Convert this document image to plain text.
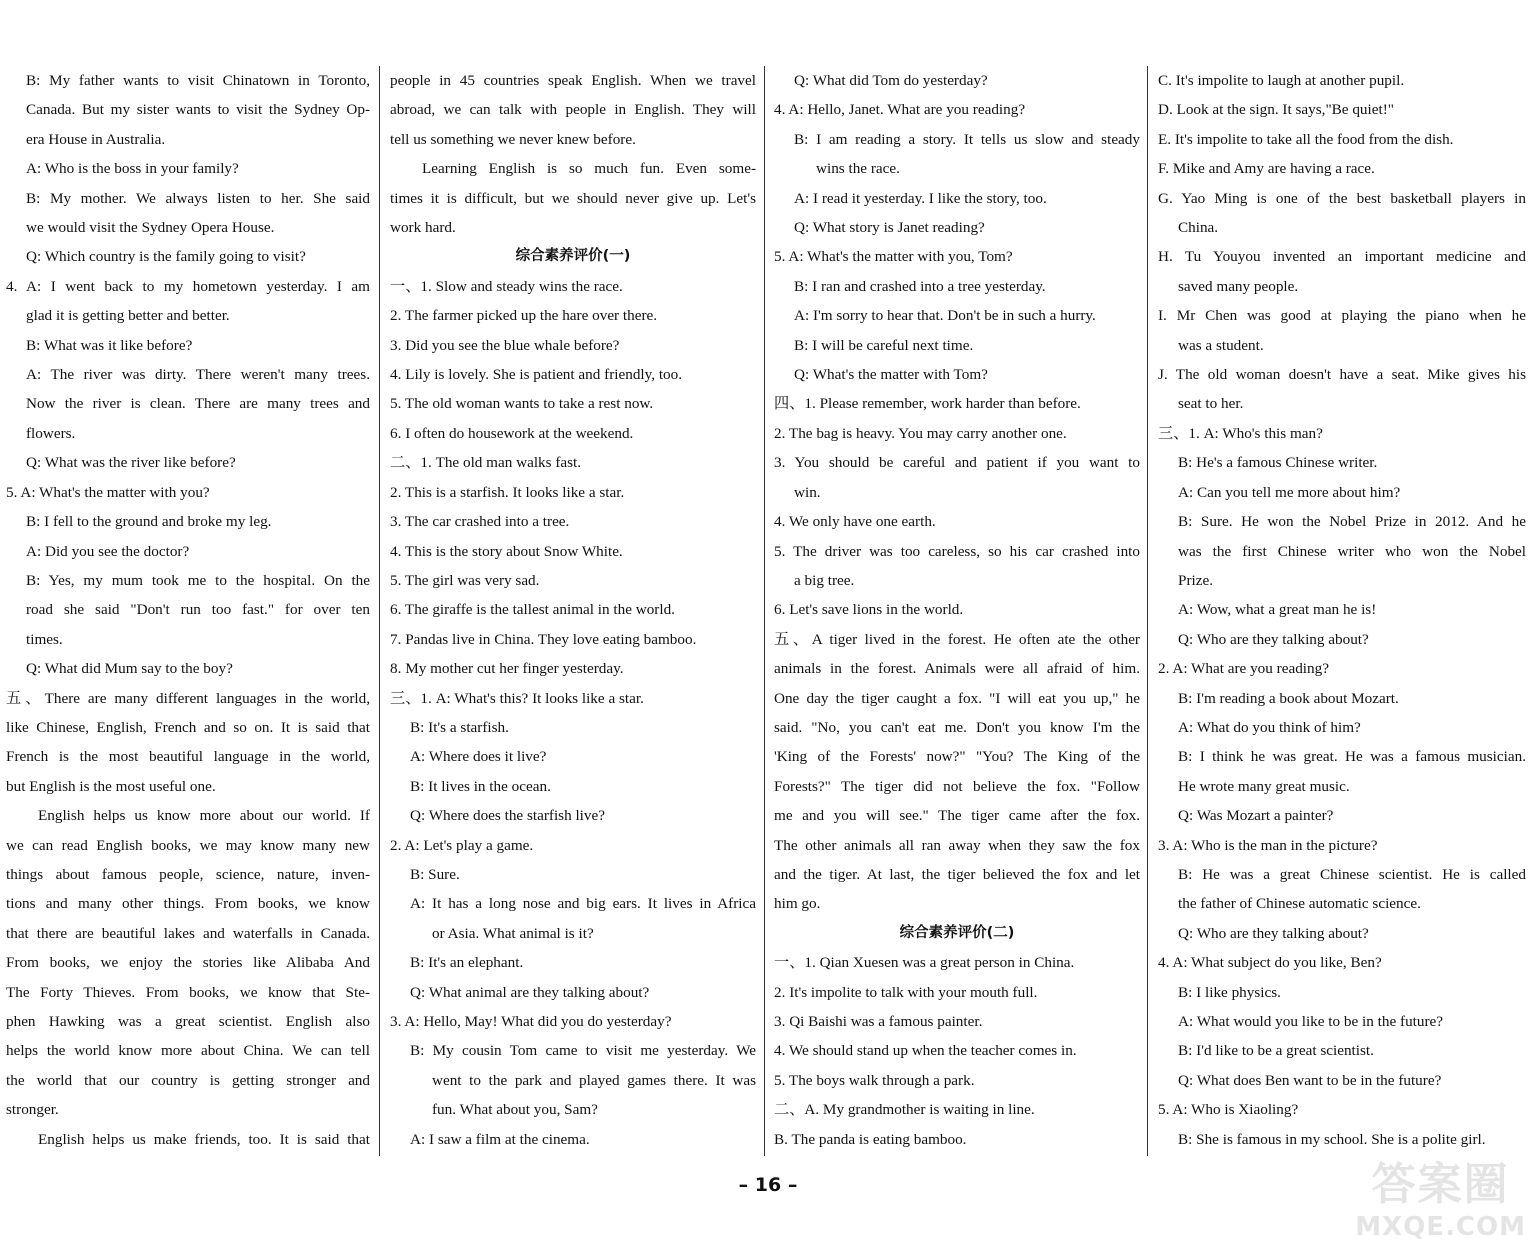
B: My father wants to visit Chinatown in Toronto,
Canada. But my sister wants to visit the Sydney Op-
era House in Australia.
A: Who is the boss in your family?
B: My mother. We always listen to her. She said
we would visit the Sydney Opera House.
Q: Which country is the family going to visit?
4. A: I went back to my hometown yesterday. I am
glad it is getting better and better.
B: What was it like before?
A: The river was dirty. There weren't many trees.
Now the river is clean. There are many trees and
flowers.
Q: What was the river like before?
5. A: What's the matter with you?
B: I fell to the ground and broke my leg.
A: Did you see the doctor?
B: Yes, my mum took me to the hospital. On the
road she said "Don't run too fast." for over ten
times.
Q: What did Mum say to the boy?
五、There are many different languages in the world,
like Chinese, English, French and so on. It is said that
French is the most beautiful language in the world,
but English is the most useful one.
English helps us know more about our world. If
we can read English books, we may know many new
things about famous people, science, nature, inven-
tions and many other things. From books, we know
that there are beautiful lakes and waterfalls in Canada.
From books, we enjoy the stories like Alibaba And
The Forty Thieves. From books, we know that Ste-
phen Hawking was a great scientist. English also
helps the world know more about China. We can tell
the world that our country is getting stronger and
stronger.
English helps us make friends, too. It is said that
people in 45 countries speak English. When we travel
abroad, we can talk with people in English. They will
tell us something we never knew before.
Learning English is so much fun. Even some-
times it is difficult, but we should never give up. Let's
work hard.
综合素养评价(一)
一、1. Slow and steady wins the race.
2. The farmer picked up the hare over there.
3. Did you see the blue whale before?
4. Lily is lovely. She is patient and friendly, too.
5. The old woman wants to take a rest now.
6. I often do housework at the weekend.
二、1. The old man walks fast.
2. This is a starfish. It looks like a star.
3. The car crashed into a tree.
4. This is the story about Snow White.
5. The girl was very sad.
6. The giraffe is the tallest animal in the world.
7. Pandas live in China. They love eating bamboo.
8. My mother cut her finger yesterday.
三、1. A: What's this? It looks like a star.
B: It's a starfish.
A: Where does it live?
B: It lives in the ocean.
Q: Where does the starfish live?
2. A: Let's play a game.
B: Sure.
A: It has a long nose and big ears. It lives in Africa
or Asia. What animal is it?
B: It's an elephant.
Q: What animal are they talking about?
3. A: Hello, May! What did you do yesterday?
B: My cousin Tom came to visit me yesterday. We
went to the park and played games there. It was
fun. What about you, Sam?
A: I saw a film at the cinema.
Q: What did Tom do yesterday?
4. A: Hello, Janet. What are you reading?
B: I am reading a story. It tells us slow and steady
wins the race.
A: I read it yesterday. I like the story, too.
Q: What story is Janet reading?
5. A: What's the matter with you, Tom?
B: I ran and crashed into a tree yesterday.
A: I'm sorry to hear that. Don't be in such a hurry.
B: I will be careful next time.
Q: What's the matter with Tom?
四、1. Please remember, work harder than before.
2. The bag is heavy. You may carry another one.
3. You should be careful and patient if you want to
win.
4. We only have one earth.
5. The driver was too careless, so his car crashed into
a big tree.
6. Let's save lions in the world.
五、A tiger lived in the forest. He often ate the other
animals in the forest. Animals were all afraid of him.
One day the tiger caught a fox. "I will eat you up," he
said. "No, you can't eat me. Don't you know I'm the
'King of the Forests' now?" "You? The King of the
Forests?" The tiger did not believe the fox. "Follow
me and you will see." The tiger came after the fox.
The other animals all ran away when they saw the fox
and the tiger. At last, the tiger believed the fox and let
him go.
综合素养评价(二)
一、1. Qian Xuesen was a great person in China.
2. It's impolite to talk with your mouth full.
3. Qi Baishi was a famous painter.
4. We should stand up when the teacher comes in.
5. The boys walk through a park.
二、A. My grandmother is waiting in line.
B. The panda is eating bamboo.
C. It's impolite to laugh at another pupil.
D. Look at the sign. It says,"Be quiet!"
E. It's impolite to take all the food from the dish.
F. Mike and Amy are having a race.
G. Yao Ming is one of the best basketball players in
China.
H. Tu Youyou invented an important medicine and
saved many people.
I. Mr Chen was good at playing the piano when he
was a student.
J. The old woman doesn't have a seat. Mike gives his
seat to her.
三、1. A: Who's this man?
B: He's a famous Chinese writer.
A: Can you tell me more about him?
B: Sure. He won the Nobel Prize in 2012. And he
was the first Chinese writer who won the Nobel
Prize.
A: Wow, what a great man he is!
Q: Who are they talking about?
2. A: What are you reading?
B: I'm reading a book about Mozart.
A: What do you think of him?
B: I think he was great. He was a famous musician.
He wrote many great music.
Q: Was Mozart a painter?
3. A: Who is the man in the picture?
B: He was a great Chinese scientist. He is called
the father of Chinese automatic science.
Q: Who are they talking about?
4. A: What subject do you like, Ben?
B: I like physics.
A: What would you like to be in the future?
B: I'd like to be a great scientist.
Q: What does Ben want to be in the future?
5. A: Who is Xiaoling?
B: She is famous in my school. She is a polite girl.
– 16 –	答案圈
MXQE.COM
